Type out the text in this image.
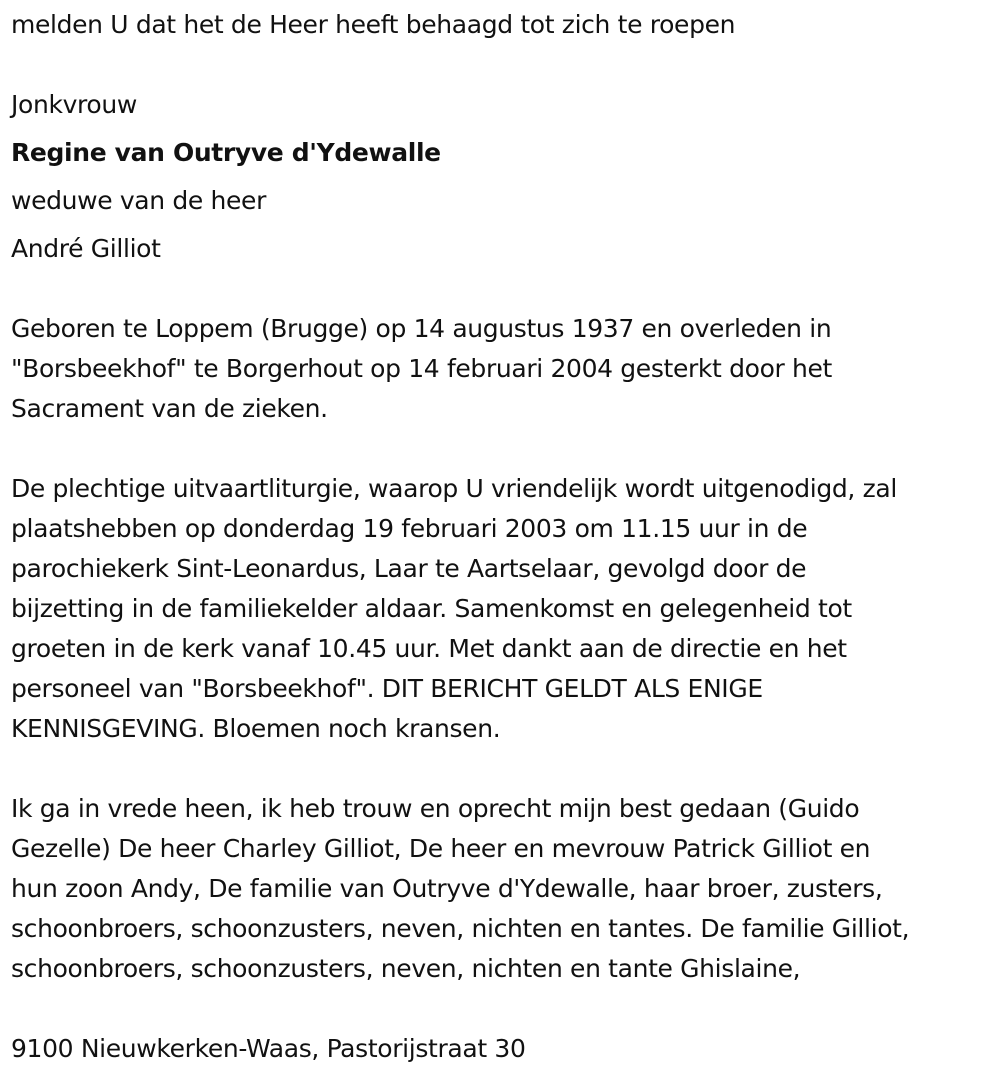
melden U dat het de Heer heeft behaagd tot zich te roepen

Jonkvrouw

Regine van Outryve d'Ydewalle

weduwe van de heer

André Gilliot

Geboren te Loppem (Brugge) op 14 augustus 1937 en overleden in
"Borsbeekhof" te Borgerhout op 14 februari 2004 gesterkt door het
Sacrament van de zieken.
De plechtige uitvaartliturgie, waarop U vriendelijk wordt uitgenodigd, zal
plaatshebben op donderdag 19 februari 2003 om 11.15 uur in de
parochiekerk Sint-Leonardus, Laar te Aartselaar, gevolgd door de
bijzetting in de familiekelder aldaar. Samenkomst en gelegenheid tot
groeten in de kerk vanaf 10.45 uur. Met dankt aan de directie en het
personeel van "Borsbeekhof". DIT BERICHT GELDT ALS ENIGE
KENNISGEVING. Bloemen noch kransen.
Ik ga in vrede heen, ik heb trouw en oprecht mijn best gedaan (Guido
Gezelle) De heer Charley Gilliot, De heer en mevrouw Patrick Gilliot en
hun zoon Andy, De familie van Outryve d'Ydewalle, haar broer, zusters,
schoonbroers, schoonzusters, neven, nichten en tantes. De familie Gilliot,
schoonbroers, schoonzusters, neven, nichten en tante Ghislaine,

9100 Nieuwkerken-Waas, Pastorijstraat 30
